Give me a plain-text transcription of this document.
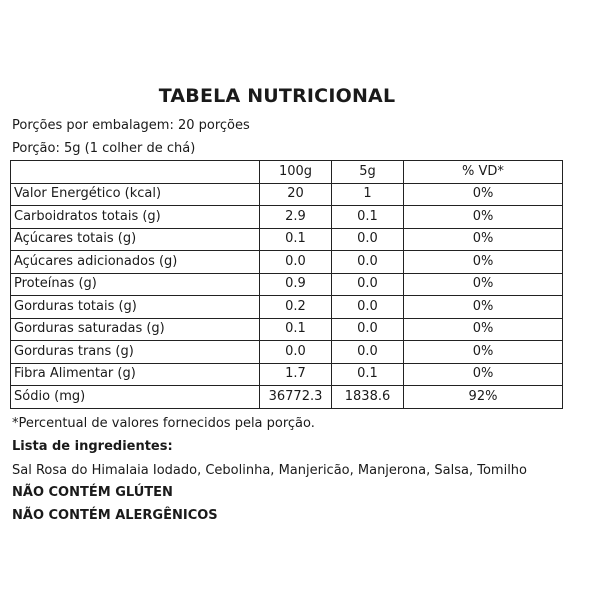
TABELA NUTRICIONAL
Porções por embalagem: 20 porções
Porção: 5g (1 colher de chá)
	100g	5g	% VD*
Valor Energético (kcal)	20	1	0%
Carboidratos totais (g)	2.9	0.1	0%
Açúcares totais (g)	0.1	0.0	0%
Açúcares adicionados (g)	0.0	0.0	0%
Proteínas (g)	0.9	0.0	0%
Gorduras totais (g)	0.2	0.0	0%
Gorduras saturadas (g)	0.1	0.0	0%
Gorduras trans (g)	0.0	0.0	0%
Fibra Alimentar (g)	1.7	0.1	0%
Sódio (mg)	36772.3	1838.6	92%
*Percentual de valores fornecidos pela porção.
Lista de ingredientes:
Sal Rosa do Himalaia Iodado, Cebolinha, Manjericão, Manjerona, Salsa, Tomilho
NÃO CONTÉM GLÚTEN
NÃO CONTÉM ALERGÊNICOS
